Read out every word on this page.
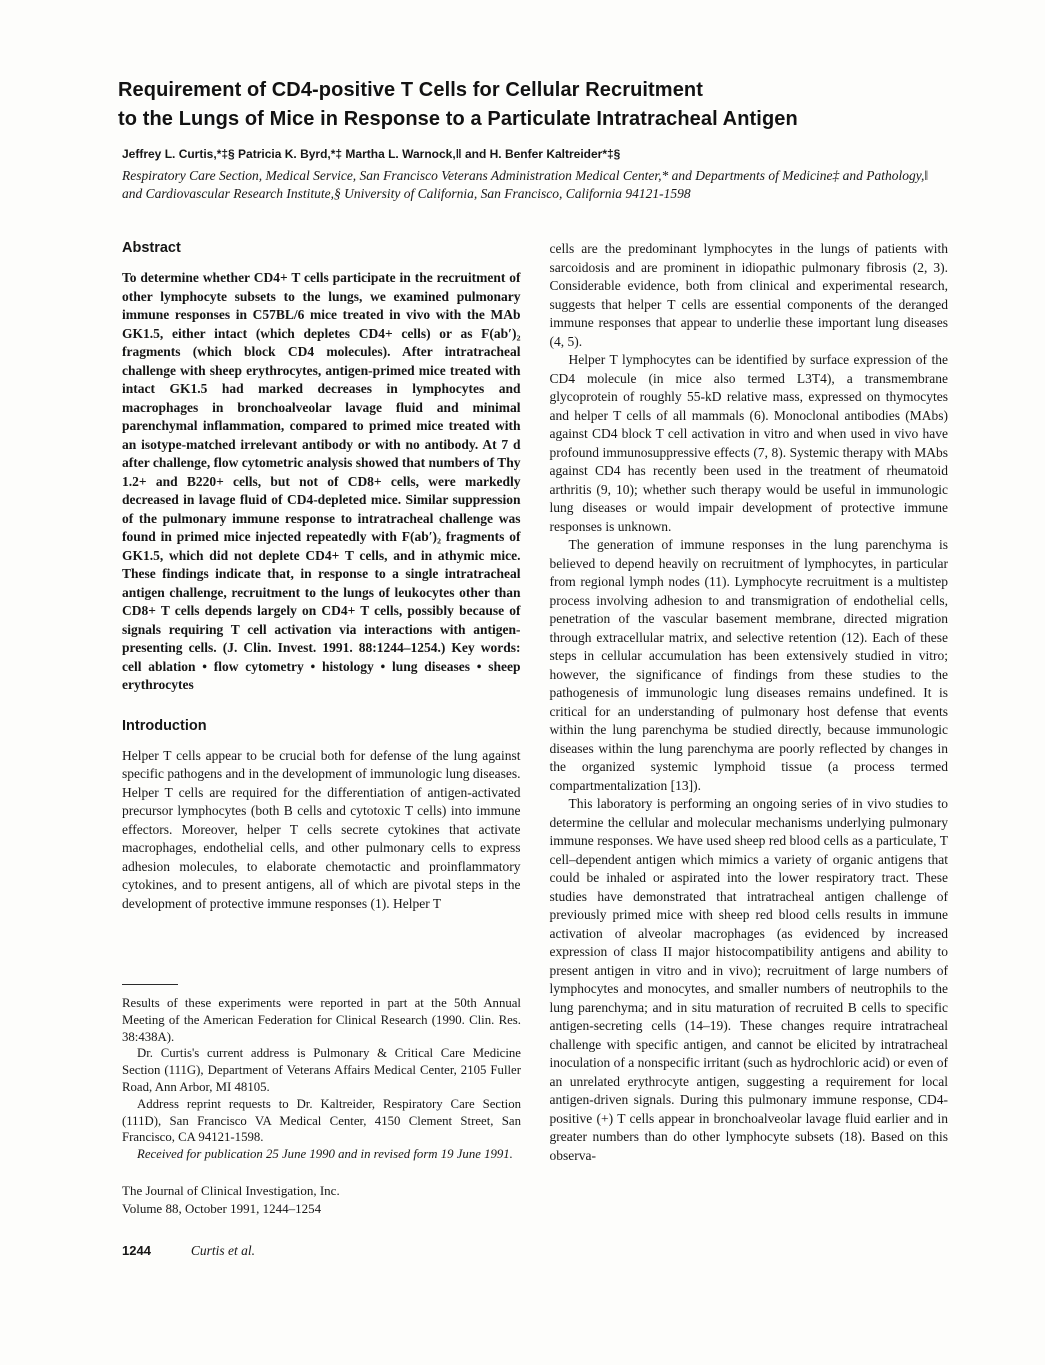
Requirement of CD4-positive T Cells for Cellular Recruitment
to the Lungs of Mice in Response to a Particulate Intratracheal Antigen

Jeffrey L. Curtis,*‡§ Patricia K. Byrd,*‡ Martha L. Warnock,‖ and H. Benfer Kaltreider*‡§

Respiratory Care Section, Medical Service, San Francisco Veterans Administration Medical Center,* and Departments of Medicine‡ and Pathology,‖ and Cardiovascular Research Institute,§ University of California, San Francisco, California 94121-1598

Abstract

To determine whether CD4+ T cells participate in the recruitment of other lymphocyte subsets to the lungs, we examined pulmonary immune responses in C57BL/6 mice treated in vivo with the MAb GK1.5, either intact (which depletes CD4+ cells) or as F(ab′)₂ fragments (which block CD4 molecules). After intratracheal challenge with sheep erythrocytes, antigen-primed mice treated with intact GK1.5 had marked decreases in lymphocytes and macrophages in bronchoalveolar lavage fluid and minimal parenchymal inflammation, compared to primed mice treated with an isotype-matched irrelevant antibody or with no antibody. At 7 d after challenge, flow cytometric analysis showed that numbers of Thy 1.2+ and B220+ cells, but not of CD8+ cells, were markedly decreased in lavage fluid of CD4-depleted mice. Similar suppression of the pulmonary immune response to intratracheal challenge was found in primed mice injected repeatedly with F(ab′)₂ fragments of GK1.5, which did not deplete CD4+ T cells, and in athymic mice. These findings indicate that, in response to a single intratracheal antigen challenge, recruitment to the lungs of leukocytes other than CD8+ T cells depends largely on CD4+ T cells, possibly because of signals requiring T cell activation via interactions with antigen-presenting cells. (J. Clin. Invest. 1991. 88:1244–1254.) Key words: cell ablation • flow cytometry • histology • lung diseases • sheep erythrocytes

Introduction

Helper T cells appear to be crucial both for defense of the lung against specific pathogens and in the development of immunologic lung diseases. Helper T cells are required for the differentiation of antigen-activated precursor lymphocytes (both B cells and cytotoxic T cells) into immune effectors. Moreover, helper T cells secrete cytokines that activate macrophages, endothelial cells, and other pulmonary cells to express adhesion molecules, to elaborate chemotactic and proinflammatory cytokines, and to present antigens, all of which are pivotal steps in the development of protective immune responses (1). Helper T

cells are the predominant lymphocytes in the lungs of patients with sarcoidosis and are prominent in idiopathic pulmonary fibrosis (2, 3). Considerable evidence, both from clinical and experimental research, suggests that helper T cells are essential components of the deranged immune responses that appear to underlie these important lung diseases (4, 5).

Helper T lymphocytes can be identified by surface expression of the CD4 molecule (in mice also termed L3T4), a transmembrane glycoprotein of roughly 55-kD relative mass, expressed on thymocytes and helper T cells of all mammals (6). Monoclonal antibodies (MAbs) against CD4 block T cell activation in vitro and when used in vivo have profound immunosuppressive effects (7, 8). Systemic therapy with MAbs against CD4 has recently been used in the treatment of rheumatoid arthritis (9, 10); whether such therapy would be useful in immunologic lung diseases or would impair development of protective immune responses is unknown.

The generation of immune responses in the lung parenchyma is believed to depend heavily on recruitment of lymphocytes, in particular from regional lymph nodes (11). Lymphocyte recruitment is a multistep process involving adhesion to and transmigration of endothelial cells, penetration of the vascular basement membrane, directed migration through extracellular matrix, and selective retention (12). Each of these steps in cellular accumulation has been extensively studied in vitro; however, the significance of findings from these studies to the pathogenesis of immunologic lung diseases remains undefined. It is critical for an understanding of pulmonary host defense that events within the lung parenchyma be studied directly, because immunologic diseases within the lung parenchyma are poorly reflected by changes in the organized systemic lymphoid tissue (a process termed compartmentalization [13]).

This laboratory is performing an ongoing series of in vivo studies to determine the cellular and molecular mechanisms underlying pulmonary immune responses. We have used sheep red blood cells as a particulate, T cell–dependent antigen which mimics a variety of organic antigens that could be inhaled or aspirated into the lower respiratory tract. These studies have demonstrated that intratracheal antigen challenge of previously primed mice with sheep red blood cells results in immune activation of alveolar macrophages (as evidenced by increased expression of class II major histocompatibility antigens and ability to present antigen in vitro and in vivo); recruitment of large numbers of lymphocytes and monocytes, and smaller numbers of neutrophils to the lung parenchyma; and in situ maturation of recruited B cells to specific antigen-secreting cells (14–19). These changes require intratracheal challenge with specific antigen, and cannot be elicited by intratracheal inoculation of a nonspecific irritant (such as hydrochloric acid) or even of an unrelated erythrocyte antigen, suggesting a requirement for local antigen-driven signals. During this pulmonary immune response, CD4-positive (+) T cells appear in bronchoalveolar lavage fluid earlier and in greater numbers than do other lymphocyte subsets (18). Based on this observa-

Results of these experiments were reported in part at the 50th Annual Meeting of the American Federation for Clinical Research (1990. Clin. Res. 38:438A).

Dr. Curtis's current address is Pulmonary & Critical Care Medicine Section (111G), Department of Veterans Affairs Medical Center, 2105 Fuller Road, Ann Arbor, MI 48105.

Address reprint requests to Dr. Kaltreider, Respiratory Care Section (111D), San Francisco VA Medical Center, 4150 Clement Street, San Francisco, CA 94121-1598.

Received for publication 25 June 1990 and in revised form 19 June 1991.

The Journal of Clinical Investigation, Inc.

Volume 88, October 1991, 1244–1254

1244	Curtis et al.
